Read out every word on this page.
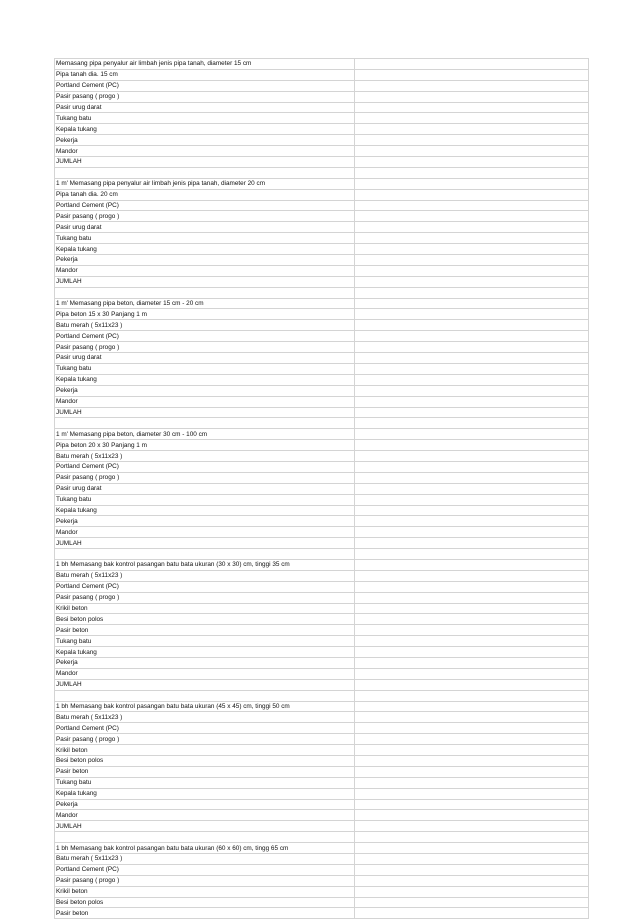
Memasang pipa penyalur air limbah jenis pipa tanah, diameter 15 cm	
Pipa tanah dia. 15 cm	
Portland Cement (PC)	
Pasir pasang ( progo )	
Pasir urug darat	
Tukang batu	
Kepala tukang	
Pekerja	
Mandor	
JUMLAH	

1 m' Memasang pipa penyalur air limbah jenis pipa tanah, diameter 20 cm	
Pipa tanah dia. 20 cm	
Portland Cement (PC)	
Pasir pasang ( progo )	
Pasir urug darat	
Tukang batu	
Kepala tukang	
Pekerja	
Mandor	
JUMLAH	

1 m' Memasang pipa beton, diameter 15 cm - 20 cm	
Pipa beton 15 x 30 Panjang 1 m	
Batu merah ( 5x11x23 )	
Portland Cement (PC)	
Pasir pasang ( progo )	
Pasir urug darat	
Tukang batu	
Kepala tukang	
Pekerja	
Mandor	
JUMLAH	

1 m' Memasang pipa beton, diameter 30 cm - 100 cm	
Pipa beton 20 x 30 Panjang 1 m	
Batu merah ( 5x11x23 )	
Portland Cement (PC)	
Pasir pasang ( progo )	
Pasir urug darat	
Tukang batu	
Kepala tukang	
Pekerja	
Mandor	
JUMLAH	

1 bh Memasang bak kontrol pasangan batu bata ukuran (30 x 30) cm, tinggi 35 cm	
Batu merah ( 5x11x23 )	
Portland Cement (PC)	
Pasir pasang ( progo )	
Krikil beton	
Besi beton polos	
Pasir beton	
Tukang batu	
Kepala tukang	
Pekerja	
Mandor	
JUMLAH	

1 bh Memasang bak kontrol pasangan batu bata ukuran (45 x 45) cm, tinggi 50 cm	
Batu merah ( 5x11x23 )	
Portland Cement (PC)	
Pasir pasang ( progo )	
Krikil beton	
Besi beton polos	
Pasir beton	
Tukang batu	
Kepala tukang	
Pekerja	
Mandor	
JUMLAH	

1 bh Memasang bak kontrol pasangan batu bata ukuran (60 x 60) cm, tingg 65 cm	
Batu merah ( 5x11x23 )	
Portland Cement (PC)	
Pasir pasang ( progo )	
Krikil beton	
Besi beton polos	
Pasir beton	
